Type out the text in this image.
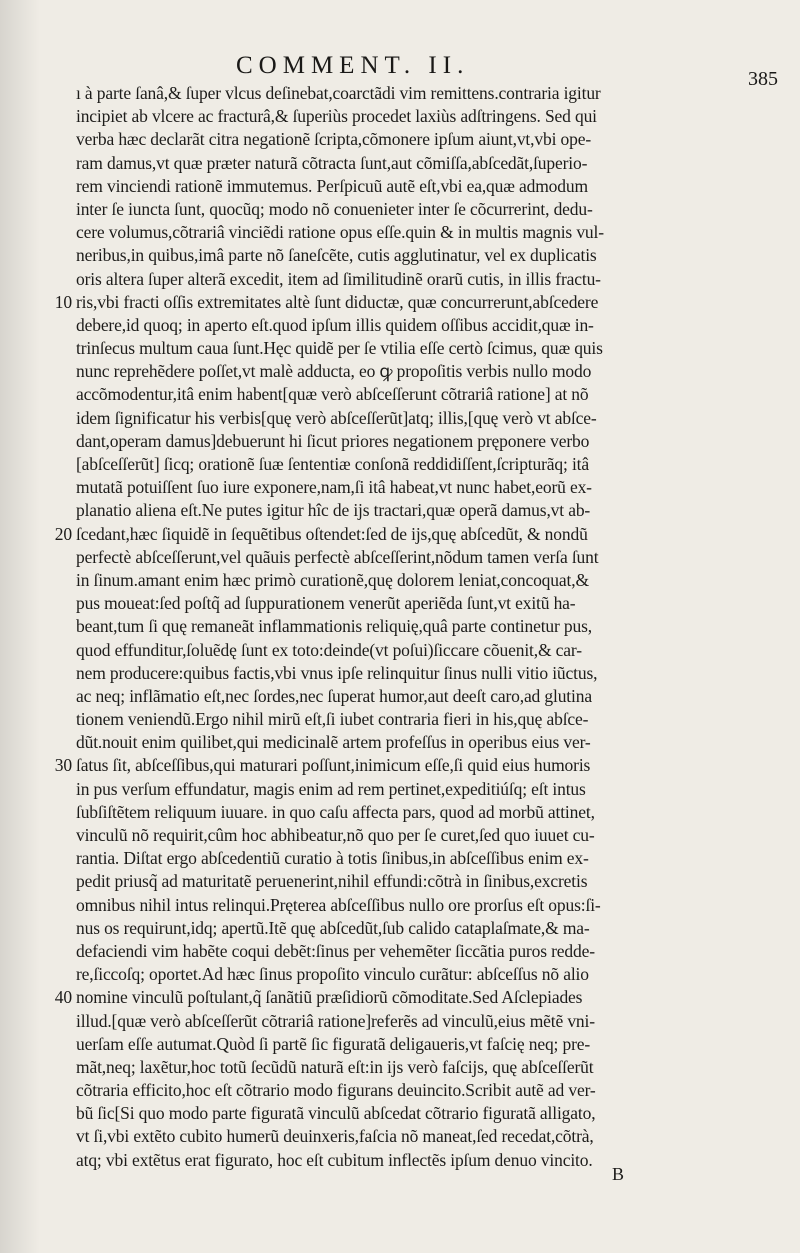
COMMENT. II.	385
ı à parte ſanâ,& ſuper vlcus deſinebat,coarctãdi vim remittens.contraria igitur
incipiet ab vlcere ac fracturâ,& ſuperiùs procedet laxiùs adſtringens. Sed qui
verba hæc declarãt citra negationẽ ſcripta,cõmonere ipſum aiunt,vt,vbi ope-
ram damus,vt quæ præter naturã cõtracta ſunt,aut cõmiſſa,abſcedãt,ſuperio-
rem vinciendi rationẽ immutemus. Perſpicuũ autẽ eſt,vbi ea,quæ admodum
inter ſe iuncta ſunt, quocũq; modo nõ conuenieter inter ſe cõcurrerint, dedu-
cere volumus,cõtrariâ vinciẽdi ratione opus eſſe.quin & in multis magnis vul-
neribus,in quibus,imâ parte nõ ſaneſcẽte, cutis agglutinatur, vel ex duplicatis
oris altera ſuper alterã excedit, item ad ſimilitudinẽ orarũ cutis, in illis fractu-
10 ris,vbi fracti oſſis extremitates altè ſunt diductæ, quæ concurrerunt,abſcedere
debere,id quoq; in aperto eſt.quod ipſum illis quidem oſſibus accidit,quæ in-
trinſecus multum caua ſunt.Hęc quidẽ per ſe vtilia eſſe certò ſcimus, quæ quis
nunc reprehẽdere poſſet,vt malè adducta, eo ꝙ propoſitis verbis nullo modo
accõmodentur,itâ enim habent[quæ verò abſceſſerunt cõtrariâ ratione] at nõ
idem ſignificatur his verbis[quę verò abſceſſerũt]atq; illis,[quę verò vt abſce-
dant,operam damus]debuerunt hi ſicut priores negationem pręponere verbo
[abſceſſerũt] ſicq; orationẽ ſuæ ſententiæ conſonã reddidiſſent,ſcripturãq; itâ
mutatã potuiſſent ſuo iure exponere,nam,ſi itâ habeat,vt nunc habet,eorũ ex-
planatio aliena eſt.Ne putes igitur hîc de ijs tractari,quæ operã damus,vt ab-
20 ſcedant,hæc ſiquidẽ in ſequẽtibus oſtendet:ſed de ijs,quę abſcedũt, & nondũ
perfectè abſceſſerunt,vel quãuis perfectè abſceſſerint,nõdum tamen verſa ſunt
in ſinum.amant enim hæc primò curationẽ,quę dolorem leniat,concoquat,&
pus moueat:ſed poſtq̃ ad ſuppurationem venerũt aperiẽda ſunt,vt exitũ ha-
beant,tum ſi quę remaneãt inflammationis reliquię,quâ parte continetur pus,
quod effunditur,ſoluẽdę ſunt ex toto:deinde(vt poſui)ſiccare cõuenit,& car-
nem producere:quibus factis,vbi vnus ipſe relinquitur ſinus nulli vitio iũctus,
ac neq; inflãmatio eſt,nec ſordes,nec ſuperat humor,aut deeſt caro,ad glutina
tionem veniendũ.Ergo nihil mirũ eſt,ſi iubet contraria fieri in his,quę abſce-
dũt.nouit enim quilibet,qui medicinalẽ artem profeſſus in operibus eius ver-
30 ſatus ſit, abſceſſibus,qui maturari poſſunt,inimicum eſſe,ſi quid eius humoris
in pus verſum effundatur, magis enim ad rem pertinet,expeditiúſq; eſt intus
ſubſiſtẽtem reliquum iuuare. in quo caſu affecta pars, quod ad morbũ attinet,
vinculũ nõ requirit,cûm hoc abhibeatur,nõ quo per ſe curet,ſed quo iuuet cu-
rantia. Diſtat ergo abſcedentiũ curatio à totis ſinibus,in abſceſſibus enim ex-
pedit priusq̃ ad maturitatẽ peruenerint,nihil effundi:cõtrà in ſinibus,excretis
omnibus nihil intus relinqui.Pręterea abſceſſibus nullo ore prorſus eſt opus:ſi-
nus os requirunt,idq; apertũ.Itẽ quę abſcedũt,ſub calido cataplaſmate,& ma-
defaciendi vim habẽte coqui debẽt:ſinus per vehemẽter ſiccãtia puros redde-
re,ſiccoſq; oportet.Ad hæc ſinus propoſito vinculo curãtur: abſceſſus nõ alio
40 nomine vinculũ poſtulant,q̃ ſanãtiũ præſidiorũ cõmoditate.Sed Aſclepiades
illud.[quæ verò abſceſſerũt cõtrariâ ratione]referẽs ad vinculũ,eius mẽtẽ vni-
uerſam eſſe autumat.Quòd ſi partẽ ſic figuratã deligaueris,vt faſcię neq; pre-
mãt,neq; laxẽtur,hoc totũ ſecũdũ naturã eſt:in ijs verò faſcijs, quę abſceſſerũt
cõtraria efficito,hoc eſt cõtrario modo figurans deuincito.Scribit autẽ ad ver-
bũ ſic[Si quo modo parte figuratã vinculũ abſcedat cõtrario figuratã alligato,
vt ſi,vbi extẽto cubito humerũ deuinxeris,faſcia nõ maneat,ſed recedat,cõtrà,
atq; vbi extẽtus erat figurato, hoc eſt cubitum inflectẽs ipſum denuo vincito.
B
